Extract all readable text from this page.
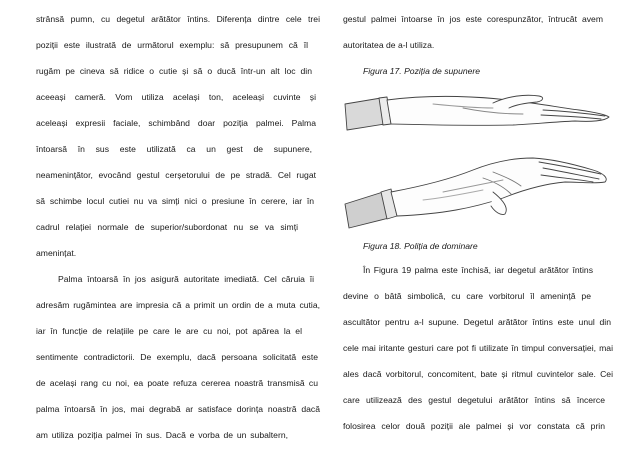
strânsă pumn, cu degetul arătător întins. Diferența dintre cele trei
poziții este ilustrată de următorul exemplu: să presupunem că îl
rugăm pe cineva să ridice o cutie și să o ducă într-un alt loc din
aceeași cameră. Vom utiliza același ton, aceleași cuvinte și
aceleași expresii faciale, schimbând doar poziția palmei. Palma
întoarsă în sus este utilizată ca un gest de supunere,
neamenințător, evocând gestul cerșetorului de pe stradă. Cel rugat
să schimbe locul cutiei nu va simți nici o presiune în cerere, iar în
cadrul relației normale de superior/subordonat nu se va simți
amenințat.
Palma întoarsă în jos asigură autoritate imediată. Cel căruia îi
adresăm rugămintea are impresia că a primit un ordin de a muta cutia,
iar în funcție de relațiile pe care le are cu noi, pot apărea la el
sentimente contradictorii. De exemplu, dacă persoana solicitată este
de același rang cu noi, ea poate refuza cererea noastră transmisă cu
palma întoarsă în jos, mai degrabă ar satisface dorința noastră dacă
am utiliza poziția palmei în sus. Dacă e vorba de un subaltern,
gestul palmei întoarse în jos este corespunzător, întrucât avem
autoritatea de a-l utiliza.
Figura 17. Poziția de supunere
Figura 18. Poliția de dominare
În Figura 19 palma este închisă, iar degetul arătător întins
devine o bâtă simbolică, cu care vorbitorul îl amenință pe
ascultător pentru a-l supune. Degetul arătător întins este unul din
cele mai iritante gesturi care pot fi utilizate în timpul conversației, mai
ales dacă vorbitorul, concomitent, bate și ritmul cuvintelor sale. Cei
care utilizează des gestul degetului arătător întins să încerce
folosirea celor două poziții ale palmei și vor constata că prin
